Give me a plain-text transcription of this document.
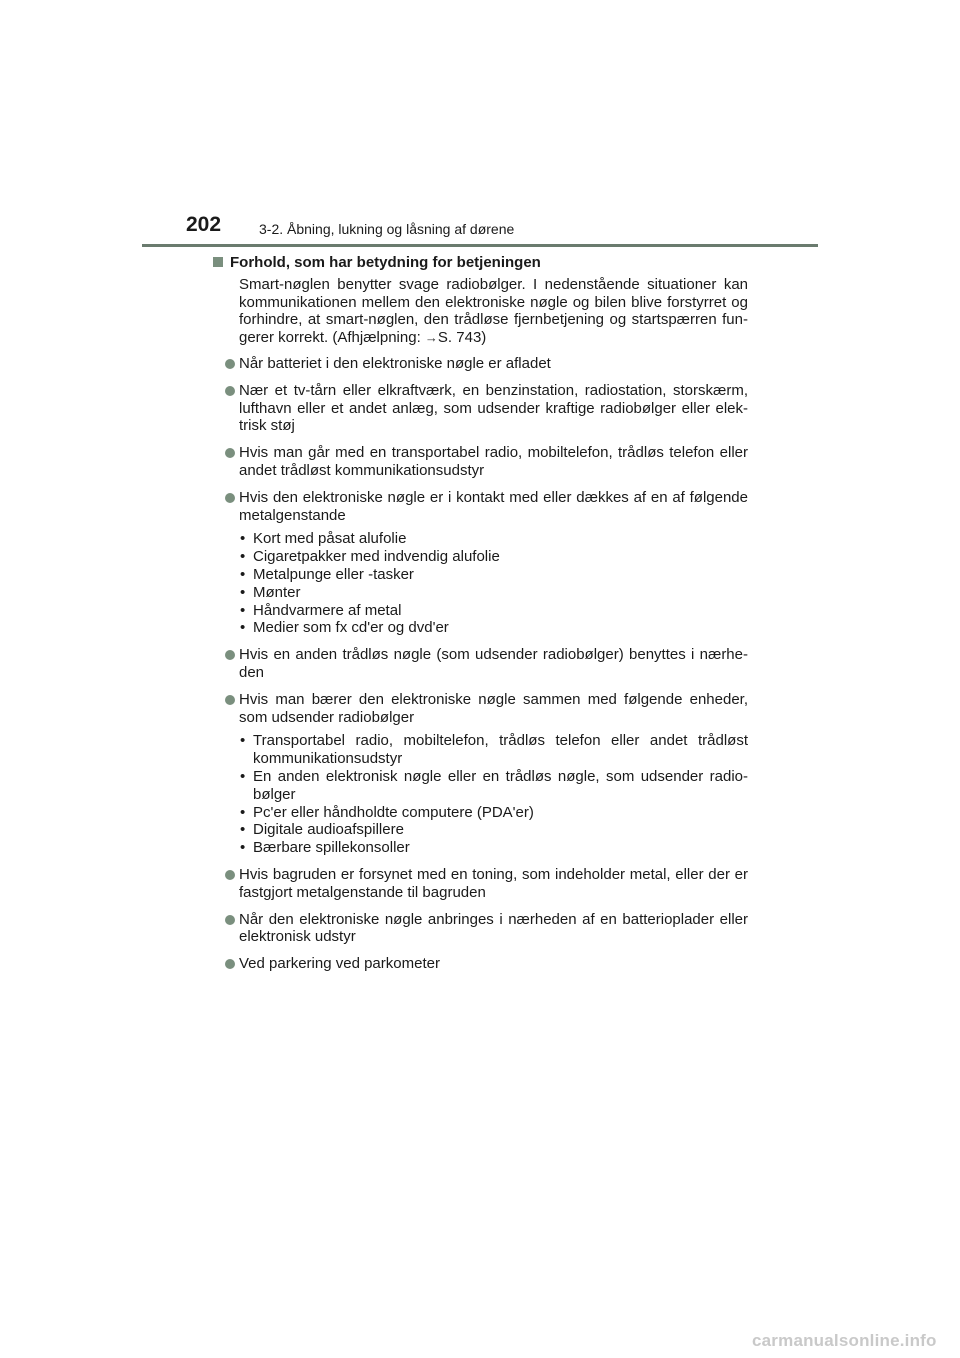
202	3-2. Åbning, lukning og låsning af dørene
Forhold, som har betydning for betjeningen
Smart-nøglen benytter svage radiobølger. I nedenstående situationer kan kommunikationen mellem den elektroniske nøgle og bilen blive forstyrret og forhindre, at smart-nøglen, den trådløse fjernbetjening og startspærren fun-gerer korrekt. (Afhjælpning: →S. 743)
Når batteriet i den elektroniske nøgle er afladet
Nær et tv-tårn eller elkraftværk, en benzinstation, radiostation, storskærm, lufthavn eller et andet anlæg, som udsender kraftige radiobølger eller elek-trisk støj
Hvis man går med en transportabel radio, mobiltelefon, trådløs telefon eller andet trådløst kommunikationsudstyr
Hvis den elektroniske nøgle er i kontakt med eller dækkes af en af følgende metalgenstande
• Kort med påsat alufolie
• Cigaretpakker med indvendig alufolie
• Metalpunge eller -tasker
• Mønter
• Håndvarmere af metal
• Medier som fx cd'er og dvd'er
Hvis en anden trådløs nøgle (som udsender radiobølger) benyttes i nærhe-den
Hvis man bærer den elektroniske nøgle sammen med følgende enheder, som udsender radiobølger
• Transportabel radio, mobiltelefon, trådløs telefon eller andet trådløst kommunikationsudstyr
• En anden elektronisk nøgle eller en trådløs nøgle, som udsender radio-bølger
• Pc'er eller håndholdte computere (PDA'er)
• Digitale audioafspillere
• Bærbare spillekonsoller
Hvis bagruden er forsynet med en toning, som indeholder metal, eller der er fastgjort metalgenstande til bagruden
Når den elektroniske nøgle anbringes i nærheden af en batterioplader eller elektronisk udstyr
Ved parkering ved parkometer
carmanualsonline.info
